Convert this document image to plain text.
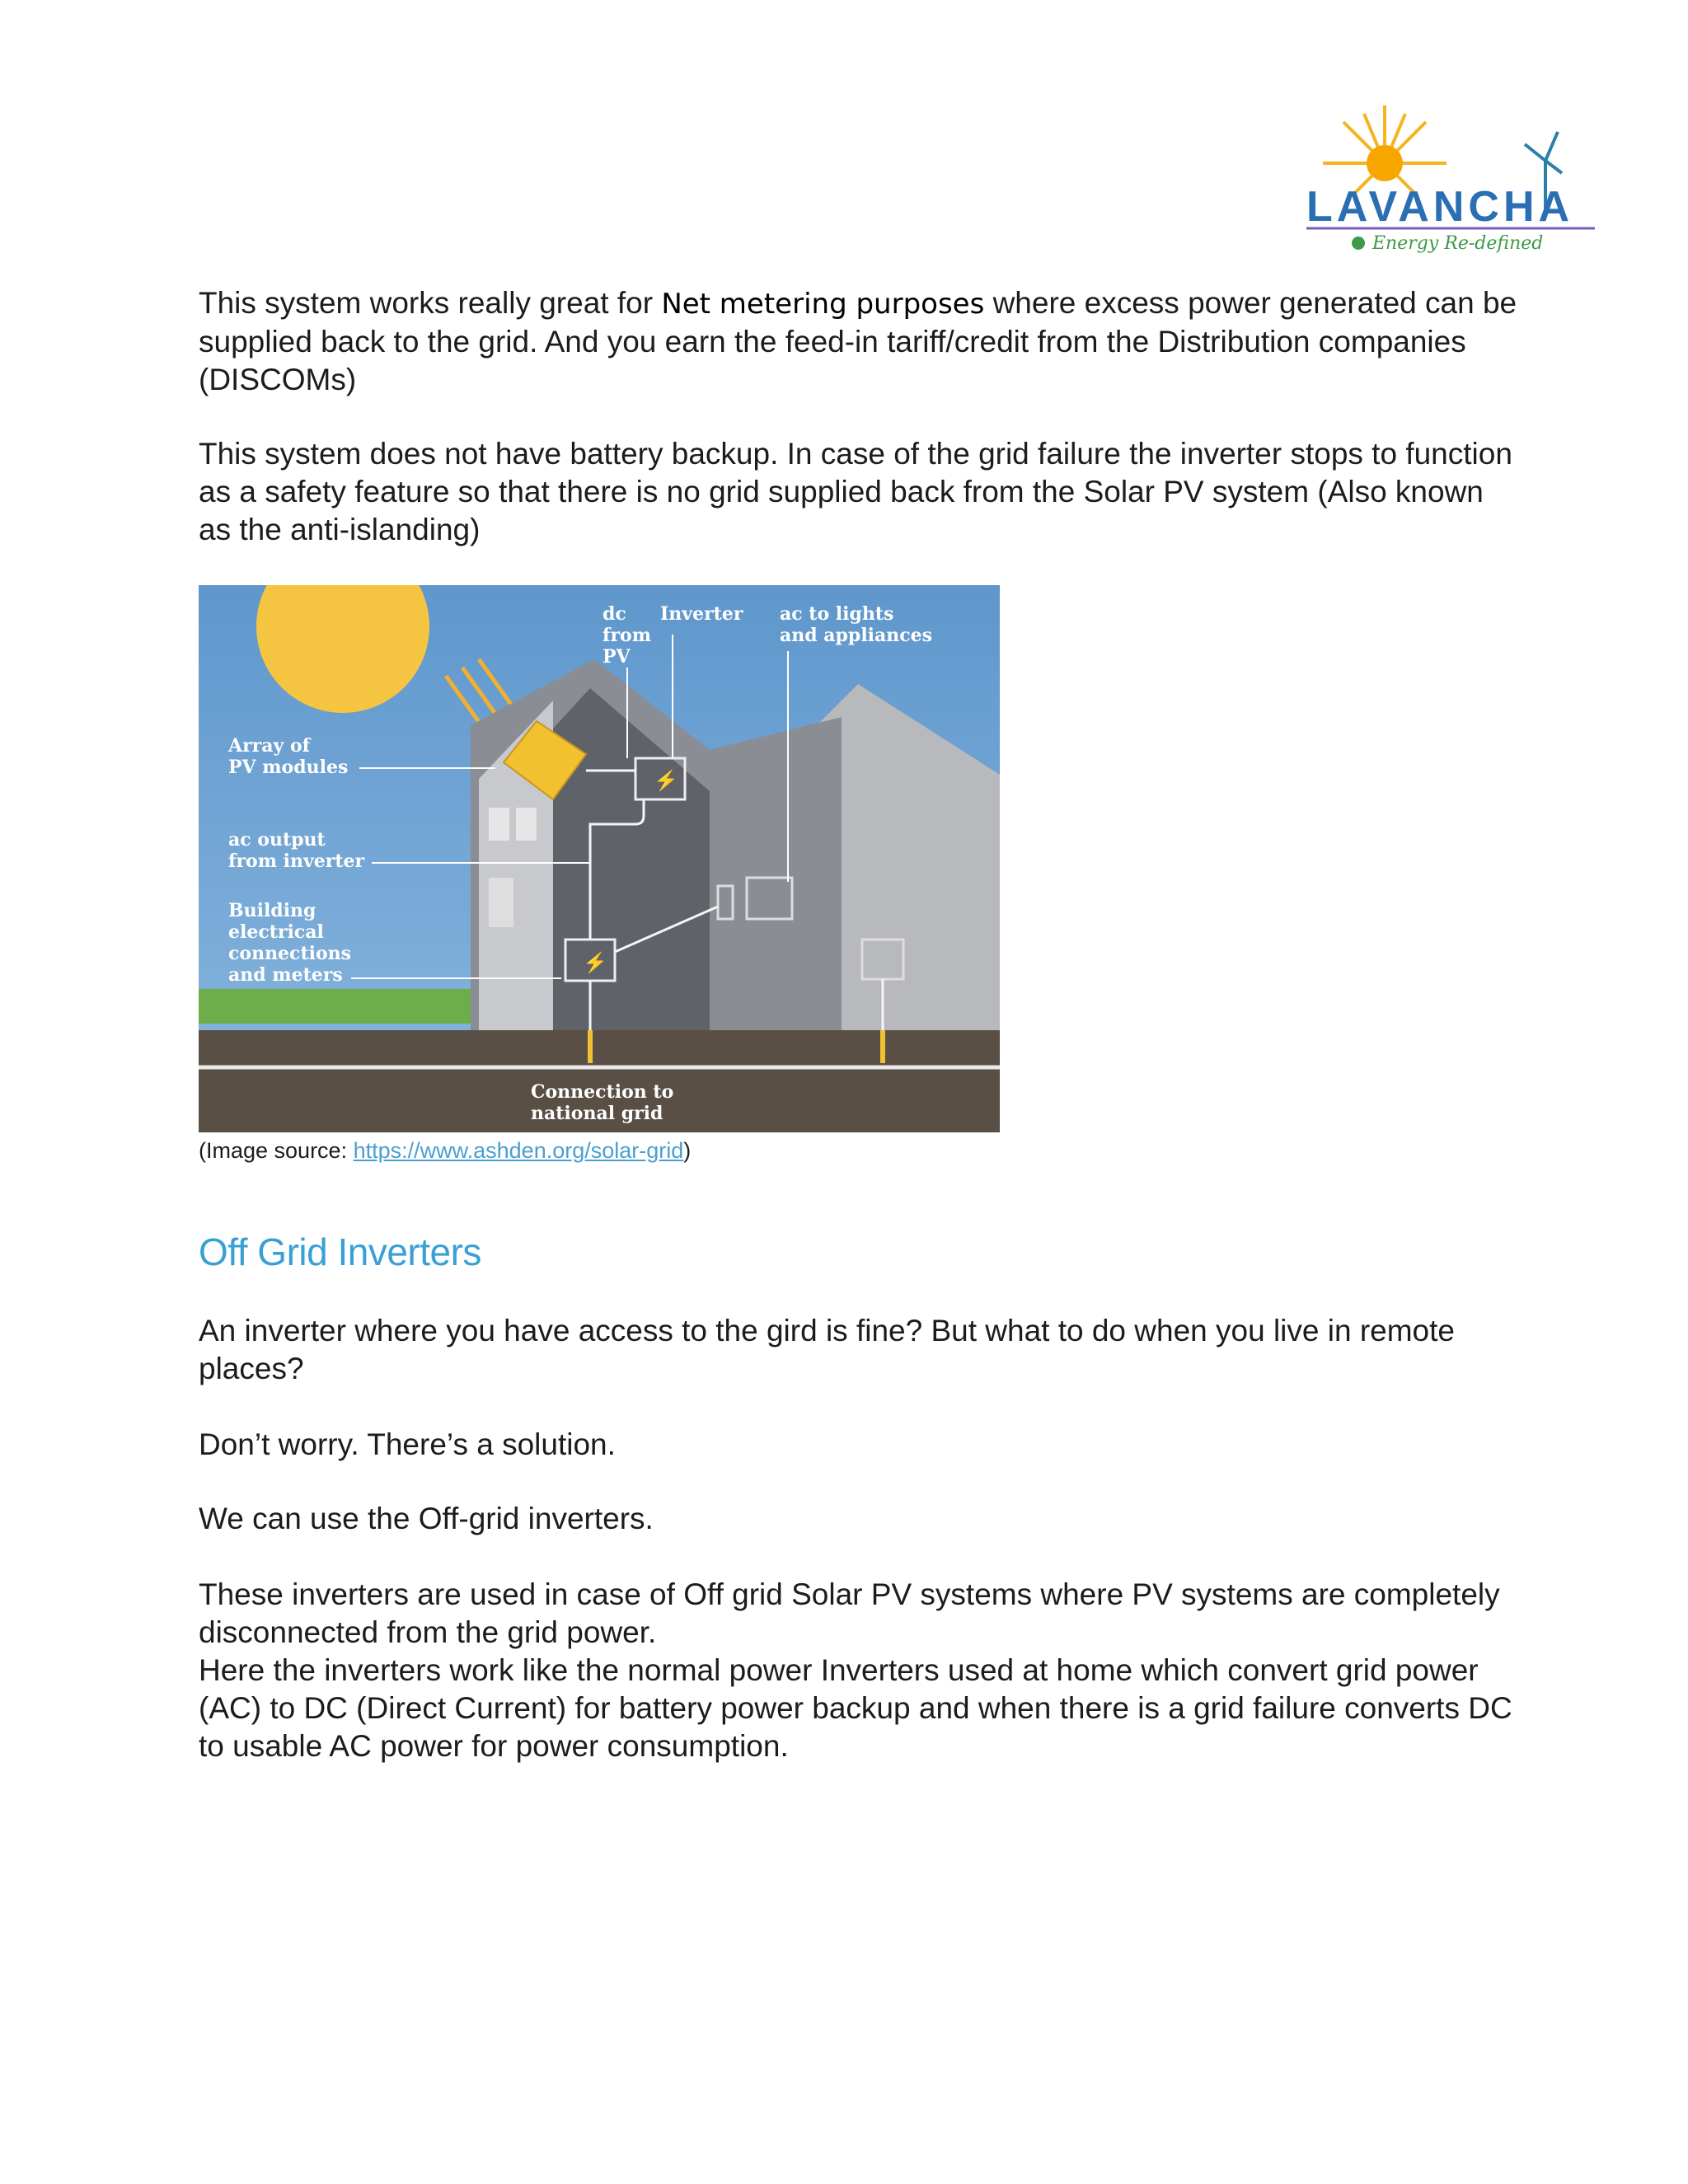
LAVANCHA
Energy Re-defined

This system works really great for Net metering purposes where excess power generated can be supplied back to the grid. And you earn the feed-in tariff/credit from the Distribution companies (DISCOMs)

This system does not have battery backup. In case of the grid failure the inverter stops to function as a safety feature so that there is no grid supplied back from the Solar PV system (Also known as the anti-islanding)

⚡
⚡
dc from PV
Inverter ac to lights and appliances
Array of PV modules
ac output from inverter
Building electrical connections and meters
Connection to national grid
(Image source: https://www.ashden.org/solar-grid)
Off Grid Inverters

An inverter where you have access to the gird is fine? But what to do when you live in remote places?

Don’t worry. There’s a solution.

We can use the Off-grid inverters.

These inverters are used in case of Off grid Solar PV systems where PV systems are completely disconnected from the grid power.

Here the inverters work like the normal power Inverters used at home which convert grid power (AC) to DC (Direct Current) for battery power backup and when there is a grid failure converts DC to usable AC power for power consumption.
